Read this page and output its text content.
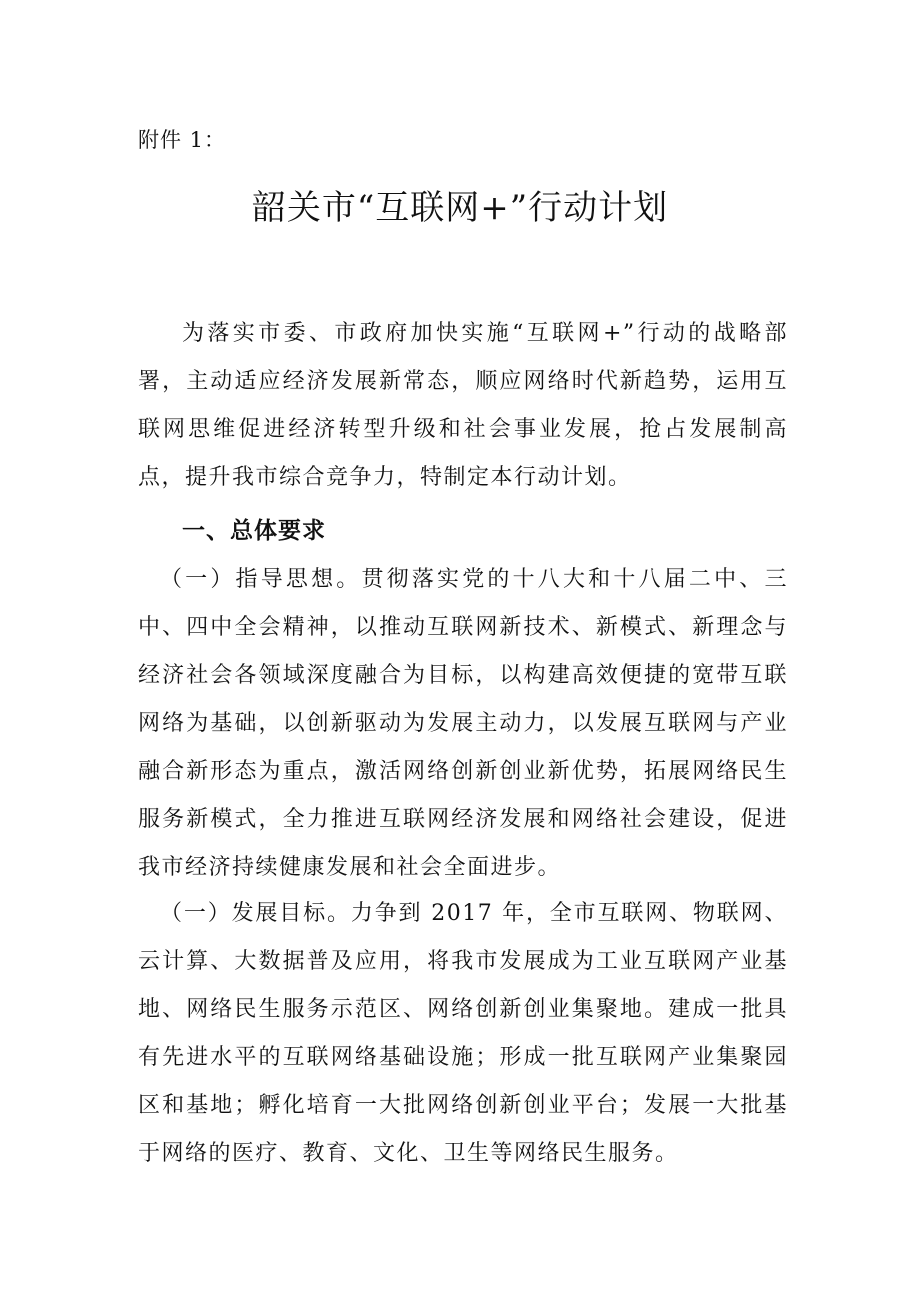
附件 1：
韶关市“互联网+”行动计划

为落实市委、市政府加快实施“互联网+”行动的战略部署，主动适应经济发展新常态，顺应网络时代新趋势，运用互联网思维促进经济转型升级和社会事业发展，抢占发展制高点，提升我市综合竞争力，特制定本行动计划。

一、总体要求

（一）指导思想。贯彻落实党的十八大和十八届二中、三中、四中全会精神，以推动互联网新技术、新模式、新理念与经济社会各领域深度融合为目标，以构建高效便捷的宽带互联网络为基础，以创新驱动为发展主动力，以发展互联网与产业融合新形态为重点，激活网络创新创业新优势，拓展网络民生服务新模式，全力推进互联网经济发展和网络社会建设，促进我市经济持续健康发展和社会全面进步。

（一）发展目标。力争到 2017 年，全市互联网、物联网、云计算、大数据普及应用，将我市发展成为工业互联网产业基地、网络民生服务示范区、网络创新创业集聚地。建成一批具有先进水平的互联网络基础设施；形成一批互联网产业集聚园区和基地；孵化培育一大批网络创新创业平台；发展一大批基于网络的医疗、教育、文化、卫生等网络民生服务。
